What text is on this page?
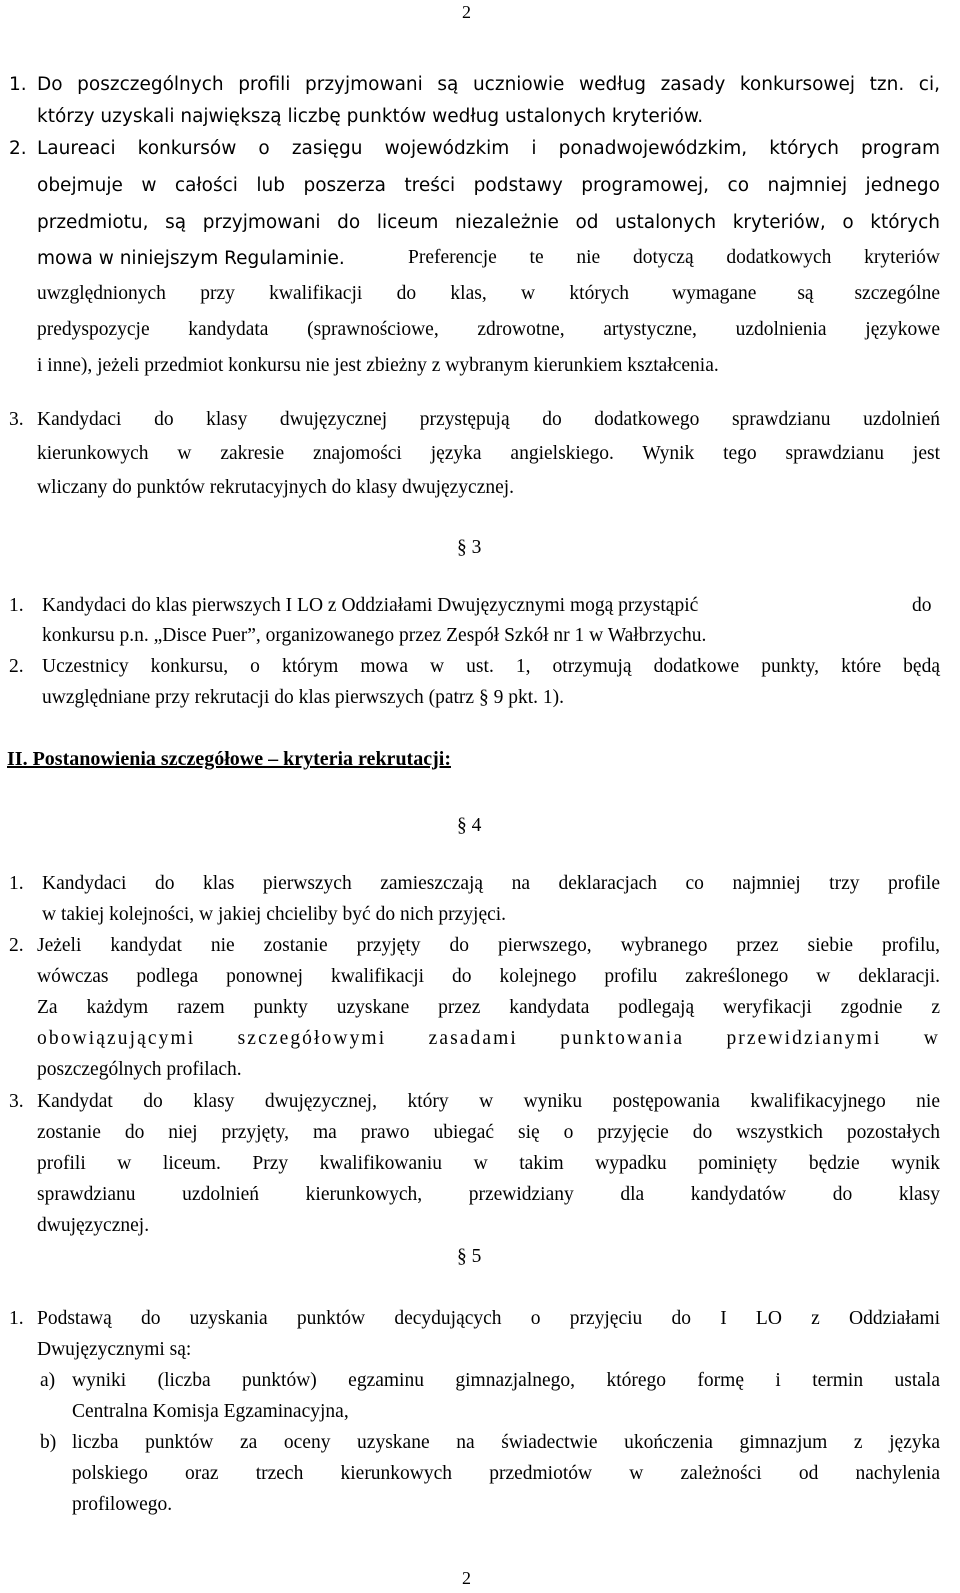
2
1. Do poszczególnych profili przyjmowani są uczniowie według zasady konkursowej tzn. ci,
którzy uzyskali największą liczbę punktów według ustalonych kryteriów.
2. Laureaci konkursów o zasięgu wojewódzkim i ponadwojewódzkim, których program
obejmuje w całości lub poszerza treści podstawy programowej, co najmniej jednego
przedmiotu, są przyjmowani do liceum niezależnie od ustalonych kryteriów, o których
mowa w niniejszym Regulaminie.	Preferencje te nie dotyczą dodatkowych kryteriów
uwzględnionych przy kwalifikacji do klas, w których wymagane są szczególne
predyspozycje kandydata (sprawnościowe, zdrowotne, artystyczne, uzdolnienia językowe
i inne), jeżeli przedmiot konkursu nie jest zbieżny z wybranym kierunkiem kształcenia.
3. Kandydaci do klasy dwujęzycznej przystępują do dodatkowego sprawdzianu uzdolnień
kierunkowych w zakresie znajomości języka angielskiego. Wynik tego sprawdzianu jest
wliczany do punktów rekrutacyjnych do klasy dwujęzycznej.
§ 3
1. Kandydaci do klas pierwszych I LO z Oddziałami Dwujęzycznymi mogą przystąpić	do
konkursu p.n. „Disce Puer”, organizowanego przez Zespół Szkół nr 1 w Wałbrzychu.
2. Uczestnicy konkursu, o którym mowa w ust. 1, otrzymują dodatkowe punkty, które będą
uwzględniane przy rekrutacji do klas pierwszych (patrz § 9 pkt. 1).
II. Postanowienia szczegółowe – kryteria rekrutacji:
§ 4
1. Kandydaci do klas pierwszych zamieszczają na deklaracjach co najmniej trzy profile
w takiej kolejności, w jakiej chcieliby być do nich przyjęci.
2. Jeżeli kandydat nie zostanie przyjęty do pierwszego, wybranego przez siebie profilu,
wówczas podlega ponownej kwalifikacji do kolejnego profilu zakreślonego w deklaracji.
Za każdym razem punkty uzyskane przez kandydata podlegają weryfikacji zgodnie z
obowiązującymi szczegółowymi zasadami punktowania przewidzianymi w
poszczególnych profilach.
3. Kandydat do klasy dwujęzycznej, który w wyniku postępowania kwalifikacyjnego nie
zostanie do niej przyjęty, ma prawo ubiegać się o przyjęcie do wszystkich pozostałych
profili w liceum. Przy kwalifikowaniu w takim wypadku pominięty będzie wynik
sprawdzianu uzdolnień kierunkowych, przewidziany dla kandydatów do klasy
dwujęzycznej.
§ 5
1. Podstawą do uzyskania punktów decydujących o przyjęciu do I LO z Oddziałami
Dwujęzycznymi są:
a) wyniki (liczba punktów) egzaminu gimnazjalnego, którego formę i termin ustala
Centralna Komisja Egzaminacyjna,
b) liczba punktów za oceny uzyskane na świadectwie ukończenia gimnazjum z języka
polskiego oraz trzech kierunkowych przedmiotów w zależności od nachylenia
profilowego.
2
